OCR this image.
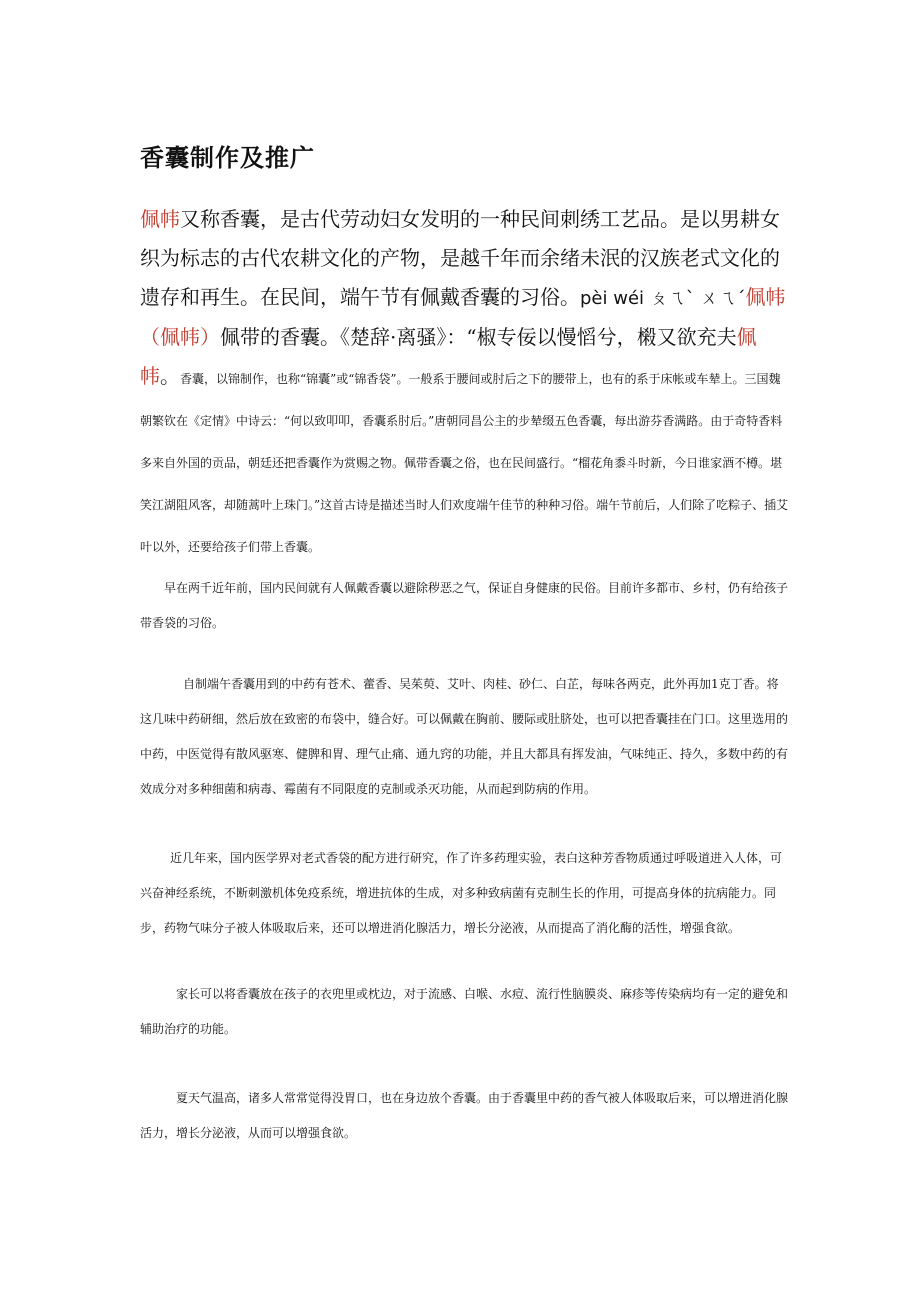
香囊制作及推广

佩帏又称香囊，是古代劳动妇女发明的一种民间刺绣工艺品。是以男耕女织为标志的古代农耕文化的产物，是越千年而余绪未泯的汉族老式文化的遗存和再生。在民间，端午节有佩戴香囊的习俗。pèi wéi ㄆㄟˋ ㄨㄟˊ佩帏（佩帏）佩带的香囊。《楚辞·离骚》：“椒专佞以慢慆兮，樧又欲充夫佩帏。香囊，以锦制作，也称“锦囊”或“锦香袋”。一般系于腰间或肘后之下的腰带上，也有的系于床帐或车辇上。三国魏朝繁钦在《定情》中诗云：“何以致叩叩，香囊系肘后。”唐朝同昌公主的步辇缀五色香囊，每出游芬香满路。由于奇特香料多来自外国的贡品，朝廷还把香囊作为赏赐之物。佩带香囊之俗，也在民间盛行。“榴花角黍斗时新，今日谁家酒不樽。堪笑江湖阻风客，却随蒿叶上珠门。”这首古诗是描述当时人们欢度端午佳节的种种习俗。端午节前后，人们除了吃粽子、插艾叶以外，还要给孩子们带上香囊。

早在两千近年前，国内民间就有人佩戴香囊以避除秽恶之气，保证自身健康的民俗。目前许多都市、乡村，仍有给孩子带香袋的习俗。

自制端午香囊用到的中药有苍术、藿香、吴茱萸、艾叶、肉桂、砂仁、白芷，每味各两克，此外再加1克丁香。将这几味中药研细，然后放在致密的布袋中，缝合好。可以佩戴在胸前、腰际或肚脐处，也可以把香囊挂在门口。这里选用的中药，中医觉得有散风驱寒、健脾和胃、理气止痛、通九窍的功能，并且大都具有挥发油，气味纯正、持久，多数中药的有效成分对多种细菌和病毒、霉菌有不同限度的克制或杀灭功能，从而起到防病的作用。

近几年来，国内医学界对老式香袋的配方进行研究，作了许多药理实验，表白这种芳香物质通过呼吸道进入人体，可兴奋神经系统，不断刺激机体免疫系统，增进抗体的生成，对多种致病菌有克制生长的作用，可提高身体的抗病能力。同步，药物气味分子被人体吸取后来，还可以增进消化腺活力，增长分泌液，从而提高了消化酶的活性，增强食欲。

家长可以将香囊放在孩子的衣兜里或枕边，对于流感、白喉、水痘、流行性脑膜炎、麻疹等传染病均有一定的避免和辅助治疗的功能。

夏天气温高，诸多人常常觉得没胃口，也在身边放个香囊。由于香囊里中药的香气被人体吸取后来，可以增进消化腺活力，增长分泌液，从而可以增强食欲。
